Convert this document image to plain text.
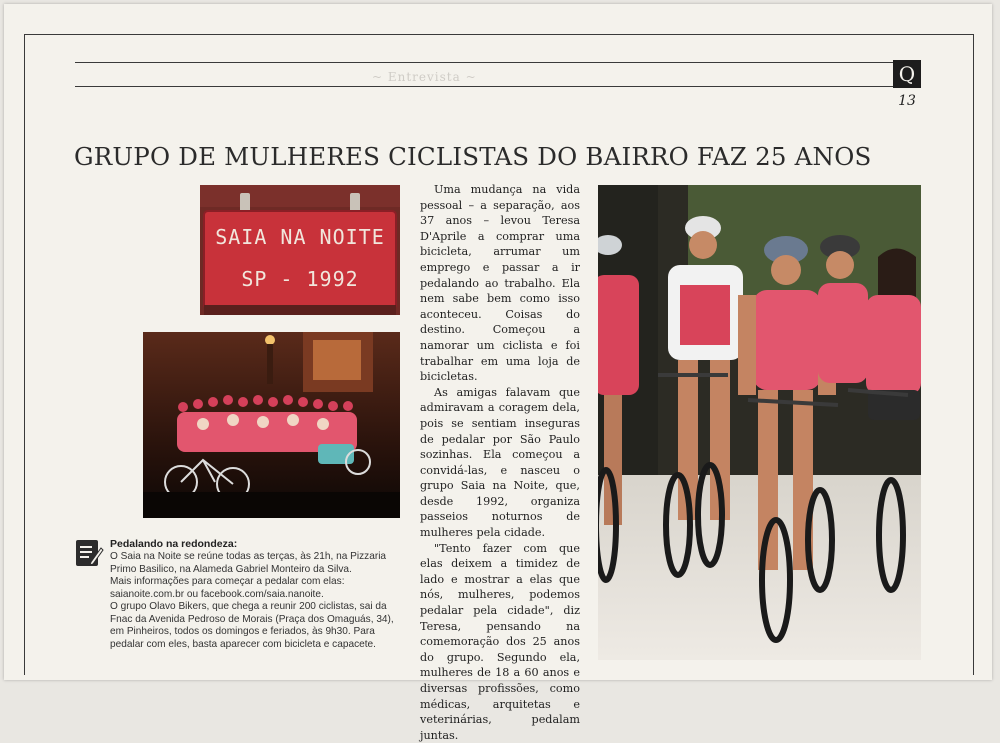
~ Entrevista ~	Q
13
GRUPO DE MULHERES CICLISTAS DO BAIRRO FAZ 25 ANOS
SAIA NA NOITE
SP - 1992

Uma mudança na vida pessoal – a separação, aos 37 anos – levou Teresa D'Aprile a comprar uma bicicleta, arrumar um emprego e passar a ir pedalando ao trabalho. Ela nem sabe bem como isso aconteceu. Coisas do destino. Começou a namorar um ciclista e foi trabalhar em uma loja de bicicletas.

As amigas falavam que admiravam a coragem dela, pois se sentiam inseguras de pedalar por São Paulo sozinhas. Ela começou a convidá-las, e nasceu o grupo Saia na Noite, que, desde 1992, organiza passeios noturnos de mulheres pela cidade.

"Tento fazer com que elas deixem a timidez de lado e mostrar a elas que nós, mulheres, podemos pedalar pela cidade", diz Teresa, pensando na comemoração dos 25 anos do grupo. Segundo ela, mulheres de 18 a 60 anos e diversas profissões, como médicas, arquitetas e veterinárias, pedalam juntas.

Pedalando na redondeza:
O Saia na Noite se reúne todas as terças, às 21h, na Pizzaria
Primo Basilico, na Alameda Gabriel Monteiro da Silva.
Mais informações para começar a pedalar com elas:
saianoite.com.br ou facebook.com/saia.nanoite.
O grupo Olavo Bikers, que chega a reunir 200 ciclistas, sai da
Fnac da Avenida Pedroso de Morais (Praça dos Omaguás, 34),
em Pinheiros, todos os domingos e feriados, às 9h30. Para
pedalar com eles, basta aparecer com bicicleta e capacete.
